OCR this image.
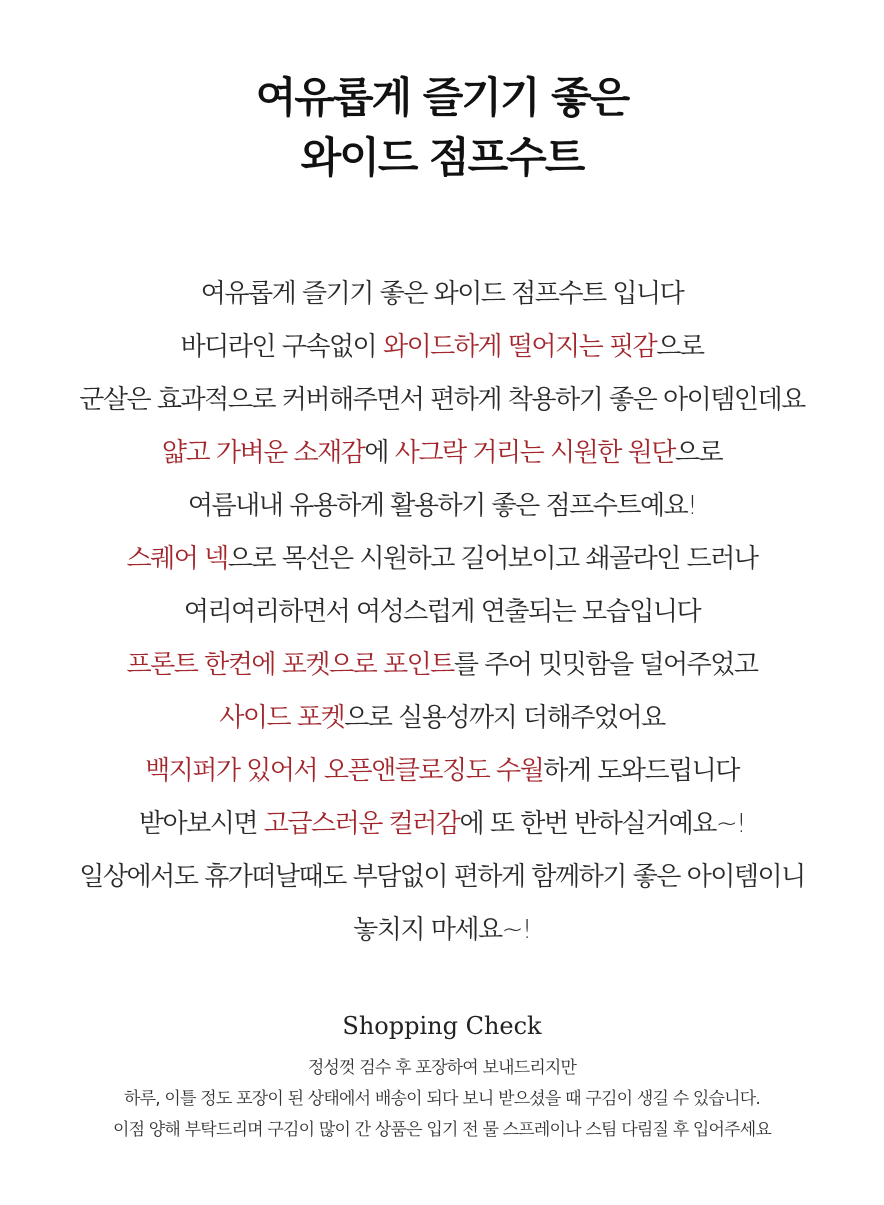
여유롭게 즐기기 좋은
와이드 점프수트
여유롭게 즐기기 좋은 와이드 점프수트 입니다
바디라인 구속없이 와이드하게 떨어지는 핏감으로
군살은 효과적으로 커버해주면서 편하게 착용하기 좋은 아이템인데요
얇고 가벼운 소재감에 사그락 거리는 시원한 원단으로
여름내내 유용하게 활용하기 좋은 점프수트예요!
스퀘어 넥으로 목선은 시원하고 길어보이고 쇄골라인 드러나
여리여리하면서 여성스럽게 연출되는 모습입니다
프론트 한켠에 포켓으로 포인트를 주어 밋밋함을 덜어주었고
사이드 포켓으로 실용성까지 더해주었어요
백지퍼가 있어서 오픈앤클로징도 수월하게 도와드립니다
받아보시면 고급스러운 컬러감에 또 한번 반하실거예요~!
일상에서도 휴가떠날때도 부담없이 편하게 함께하기 좋은 아이템이니
놓치지 마세요~!
Shopping Check
정성껏 검수 후 포장하여 보내드리지만
하루, 이틀 정도 포장이 된 상태에서 배송이 되다 보니 받으셨을 때 구김이 생길 수 있습니다.
이점 양해 부탁드리며 구김이 많이 간 상품은 입기 전 물 스프레이나 스팀 다림질 후 입어주세요
